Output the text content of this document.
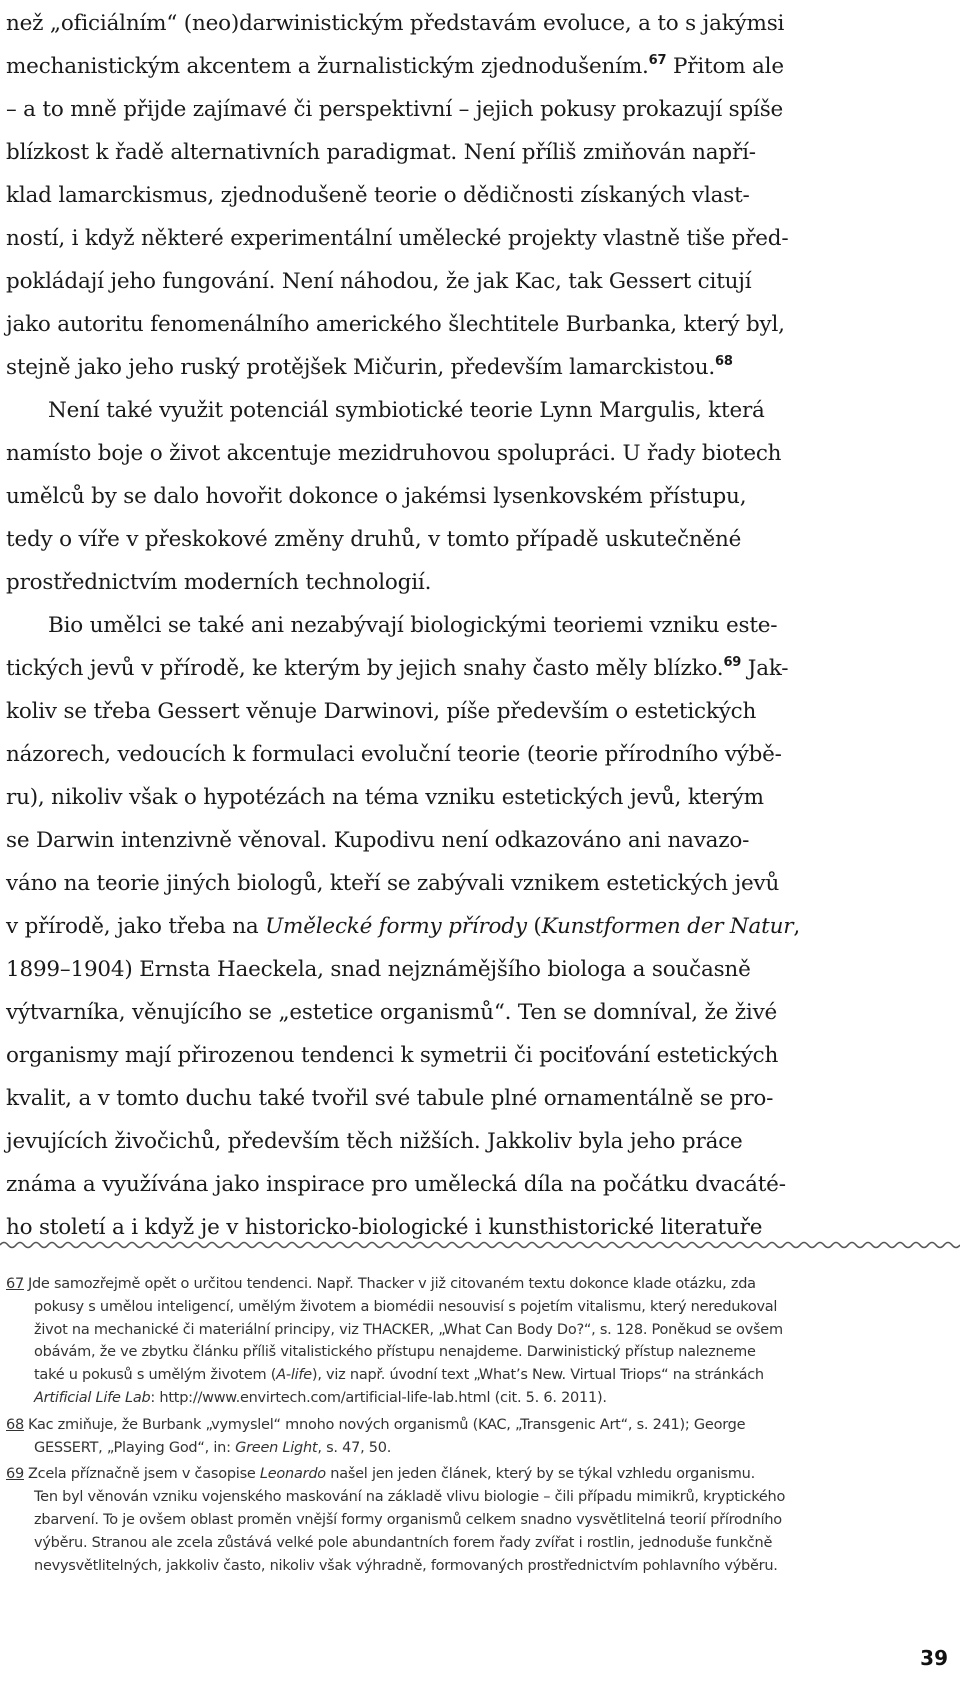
než „oficiálním“ (neo)darwinistickým představám evoluce, a to s jakýmsi
mechanistickým akcentem a žurnalistickým zjednodušením.$^{67}$ Přitom ale
– a to mně přijde zajímavé či perspektivní – jejich pokusy prokazují spíše
blízkost k řadě alternativních paradigmat. Není příliš zmiňován napří-
klad lamarckismus, zjednodušeně teorie o dědičnosti získaných vlast-
ností, i když některé experimentální umělecké projekty vlastně tiše před-
pokládají jeho fungování. Není náhodou, že jak Kac, tak Gessert citují
jako autoritu fenomenálního amerického šlechtitele Burbanka, který byl,
stejně jako jeho ruský protějšek Mičurin, především lamarckistou.$^{68}$

Není také využit potenciál symbiotické teorie Lynn Margulis, která
namísto boje o život akcentuje mezidruhovou spolupráci. U řady biotech
umělců by se dalo hovořit dokonce o jakémsi lysenkovském přístupu,
tedy o víře v přeskokové změny druhů, v tomto případě uskutečněné
prostřednictvím moderních technologií.

Bio umělci se také ani nezabývají biologickými teoriemi vzniku este-
tických jevů v přírodě, ke kterým by jejich snahy často měly blízko.$^{69}$ Jak-
koliv se třeba Gessert věnuje Darwinovi, píše především o estetických
názorech, vedoucích k formulaci evoluční teorie (teorie přírodního výbě-
ru), nikoliv však o hypotézách na téma vzniku estetických jevů, kterým
se Darwin intenzivně věnoval. Kupodivu není odkazováno ani navazo-
váno na teorie jiných biologů, kteří se zabývali vznikem estetických jevů
v přírodě, jako třeba na Umělecké formy přírody (Kunstformen der Natur,
1899–1904) Ernsta Haeckela, snad nejznámějšího biologa a současně
výtvarníka, věnujícího se „estetice organismů“. Ten se domníval, že živé
organismy mají přirozenou tendenci k symetrii či pociťování estetických
kvalit, a v tomto duchu také tvořil své tabule plné ornamentálně se pro-
jevujících živočichů, především těch nižších. Jakkoliv byla jeho práce
známa a využívána jako inspirace pro umělecká díla na počátku dvacáté-
ho století a i když je v historicko-biologické i kunsthistorické literatuře

67 Jde samozřejmě opět o určitou tendenci. Např. Thacker v již citovaném textu dokonce klade otázku, zda
pokusy s umělou inteligencí, umělým životem a biomédii nesouvisí s pojetím vitalismu, který neredukoval
život na mechanické či materiální principy, viz THACKER, „What Can Body Do?“, s. 128. Poněkud se ovšem
obávám, že ve zbytku článku příliš vitalistického přístupu nenajdeme. Darwinistický přístup nalezneme
také u pokusů s umělým životem (A-life), viz např. úvodní text „What’s New. Virtual Triops“ na stránkách
Artificial Life Lab: http://www.envirtech.com/artificial-life-lab.html (cit. 5. 6. 2011).
68 Kac zmiňuje, že Burbank „vymyslel“ mnoho nových organismů (KAC, „Transgenic Art“, s. 241); George
GESSERT, „Playing God“, in: Green Light, s. 47, 50.
69 Zcela příznačně jsem v časopise Leonardo našel jen jeden článek, který by se týkal vzhledu organismu.
Ten byl věnován vzniku vojenského maskování na základě vlivu biologie – čili případu mimikrů, kryptického
zbarvení. To je ovšem oblast proměn vnější formy organismů celkem snadno vysvětlitelná teorií přírodního
výběru. Stranou ale zcela zůstává velké pole abundantních forem řady zvířat i rostlin, jednoduše funkčně
nevysvětlitelných, jakkoliv často, nikoliv však výhradně, formovaných prostřednictvím pohlavního výběru.
39
